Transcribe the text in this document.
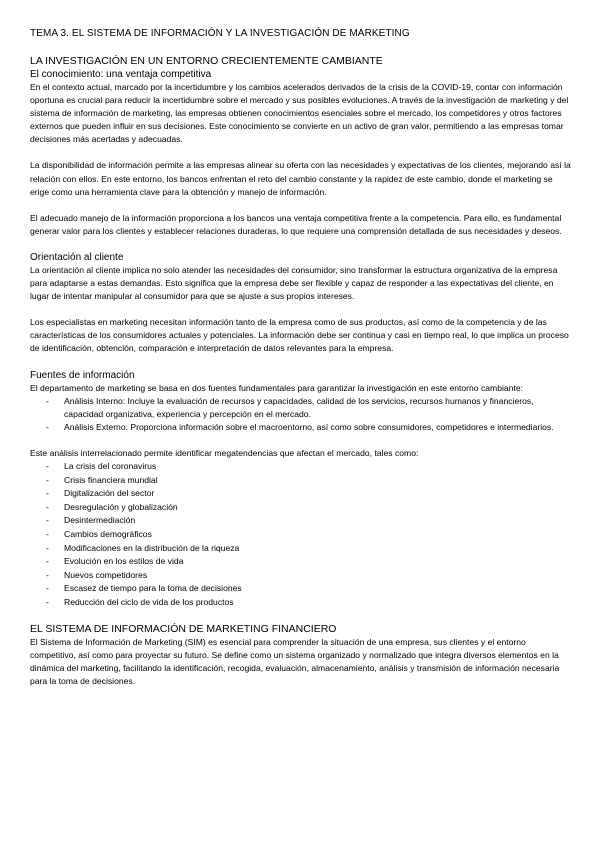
TEMA 3. EL SISTEMA DE INFORMACIÓN Y LA INVESTIGACIÓN DE MARKETING
LA INVESTIGACIÓN EN UN ENTORNO CRECIENTEMENTE CAMBIANTE
El conocimiento: una ventaja competitiva

En el contexto actual, marcado por la incertidumbre y los cambios acelerados derivados de la crisis de la COVID-19, contar con información oportuna es crucial para reducir la incertidumbre sobre el mercado y sus posibles evoluciones. A través de la investigación de marketing y del sistema de información de marketing, las empresas obtienen conocimientos esenciales sobre el mercado, los competidores y otros factores externos que pueden influir en sus decisiones. Este conocimiento se convierte en un activo de gran valor, permitiendo a las empresas tomar decisiones más acertadas y adecuadas.

La disponibilidad de información permite a las empresas alinear su oferta con las necesidades y expectativas de los clientes, mejorando así la relación con ellos. En este entorno, los bancos enfrentan el reto del cambio constante y la rapidez de este cambio, donde el marketing se erige como una herramienta clave para la obtención y manejo de información.

El adecuado manejo de la información proporciona a los bancos una ventaja competitiva frente a la competencia. Para ello, es fundamental generar valor para los clientes y establecer relaciones duraderas, lo que requiere una comprensión detallada de sus necesidades y deseos.

Orientación al cliente

La orientación al cliente implica no solo atender las necesidades del consumidor, sino transformar la estructura organizativa de la empresa para adaptarse a estas demandas. Esto significa que la empresa debe ser flexible y capaz de responder a las expectativas del cliente, en lugar de intentar manipular al consumidor para que se ajuste a sus propios intereses.

Los especialistas en marketing necesitan información tanto de la empresa como de sus productos, así como de la competencia y de las características de los consumidores actuales y potenciales. La información debe ser continua y casi en tiempo real, lo que implica un proceso de identificación, obtención, comparación e interpretación de datos relevantes para la empresa.

Fuentes de información

El departamento de marketing se basa en dos fuentes fundamentales para garantizar la investigación en este entorno cambiante:

- Análisis Interno: Incluye la evaluación de recursos y capacidades, calidad de los servicios, recursos humanos y financieros, capacidad organizativa, experiencia y percepción en el mercado.
- Análisis Externo: Proporciona información sobre el macroentorno, así como sobre consumidores, competidores e intermediarios.

Este análisis interrelacionado permite identificar megatendencias que afectan el mercado, tales como:

- La crisis del coronavirus
- Crisis financiera mundial
- Digitalización del sector
- Desregulación y globalización
- Desintermediación
- Cambios demográficos
- Modificaciones en la distribución de la riqueza
- Evolución en los estilos de vida
- Nuevos competidores
- Escasez de tiempo para la toma de decisiones
- Reducción del ciclo de vida de los productos
EL SISTEMA DE INFORMACIÓN DE MARKETING FINANCIERO

El Sistema de Información de Marketing (SIM) es esencial para comprender la situación de una empresa, sus clientes y el entorno competitivo, así como para proyectar su futuro. Se define como un sistema organizado y normalizado que integra diversos elementos en la dinámica del marketing, facilitando la identificación, recogida, evaluación, almacenamiento, análisis y transmisión de información necesaria para la toma de decisiones.
